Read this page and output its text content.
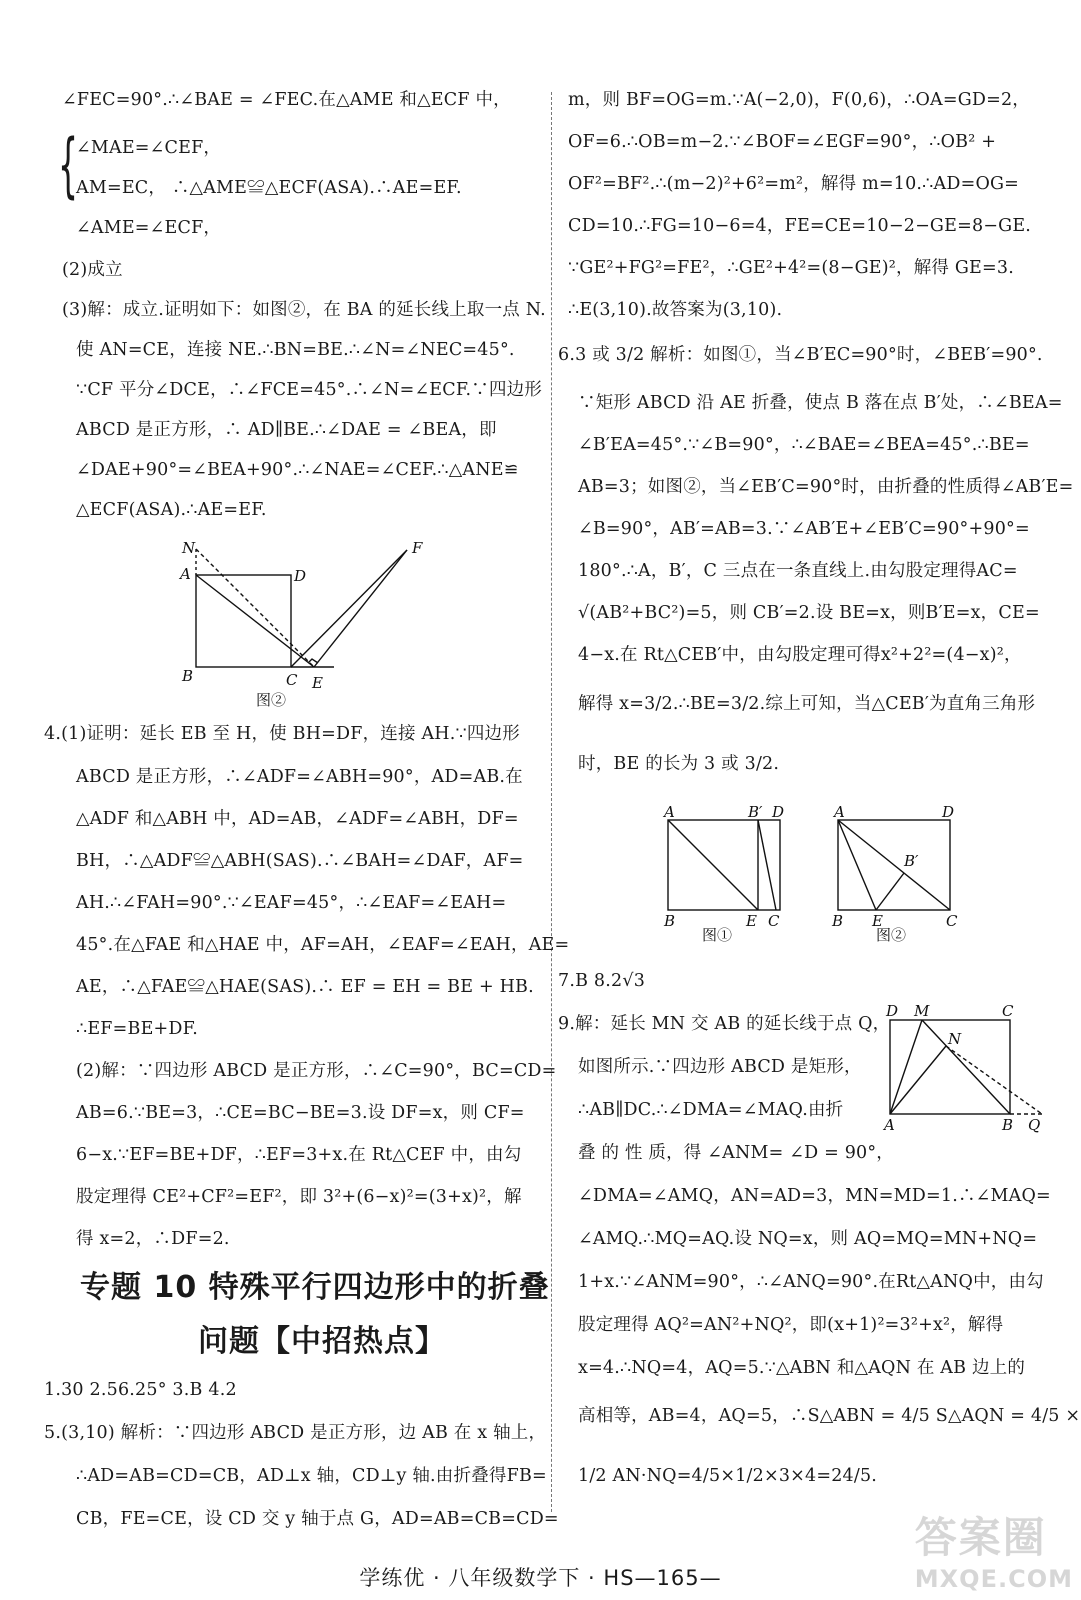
∠FEC=90°.∴∠BAE = ∠FEC.在△AME 和△ECF 中，
{
∠MAE=∠CEF，
AM=EC， ∴△AME≌△ECF(ASA).∴AE=EF.
∠AME=∠ECF，
(2)成立
(3)解：成立.证明如下：如图②，在 BA 的延长线上取一点 N.
使 AN=CE，连接 NE.∴BN=BE.∴∠N=∠NEC=45°.
∵CF 平分∠DCE，∴∠FCE=45°.∴∠N=∠ECF.∵四边形
ABCD 是正方形，∴ AD∥BE.∴∠DAE = ∠BEA，即
∠DAE+90°=∠BEA+90°.∴∠NAE=∠CEF.∴△ANE≌
△ECF(ASA).∴AE=EF.
N
A	D
F
B	C E
图②
4.(1)证明：延长 EB 至 H，使 BH=DF，连接 AH.∵四边形
ABCD 是正方形，∴∠ADF=∠ABH=90°，AD=AB.在
△ADF 和△ABH 中，AD=AB，∠ADF=∠ABH，DF=
BH，∴△ADF≌△ABH(SAS).∴∠BAH=∠DAF，AF=
AH.∴∠FAH=90°.∵∠EAF=45°，∴∠EAF=∠EAH=
45°.在△FAE 和△HAE 中，AF=AH，∠EAF=∠EAH，AE=
AE，∴△FAE≌△HAE(SAS).∴ EF = EH = BE + HB.
∴EF=BE+DF.
(2)解：∵四边形 ABCD 是正方形，∴∠C=90°，BC=CD=
AB=6.∵BE=3，∴CE=BC−BE=3.设 DF=x，则 CF=
6−x.∵EF=BE+DF，∴EF=3+x.在 Rt△CEF 中，由勾
股定理得 CE²+CF²=EF²，即 3²+(6−x)²=(3+x)²，解
得 x=2，∴DF=2.
专题 10 特殊平行四边形中的折叠
问题【中招热点】
1.30 2.56.25° 3.B 4.2
5.(3,10) 解析：∵四边形 ABCD 是正方形，边 AB 在 x 轴上，
∴AD=AB=CD=CB，AD⊥x 轴，CD⊥y 轴.由折叠得FB=
CB，FE=CE，设 CD 交 y 轴于点 G，AD=AB=CB=CD=
m，则 BF=OG=m.∵A(−2,0)，F(0,6)，∴OA=GD=2，
OF=6.∴OB=m−2.∵∠BOF=∠EGF=90°，∴OB² +
OF²=BF².∴(m−2)²+6²=m²，解得 m=10.∴AD=OG=
CD=10.∴FG=10−6=4，FE=CE=10−2−GE=8−GE.
∵GE²+FG²=FE²，∴GE²+4²=(8−GE)²，解得 GE=3.
∴E(3,10).故答案为(3,10).
6.3 或 3/2 解析：如图①，当∠B′EC=90°时，∠BEB′=90°.
∵矩形 ABCD 沿 AE 折叠，使点 B 落在点 B′处，∴∠BEA=
∠B′EA=45°.∵∠B=90°，∴∠BAE=∠BEA=45°.∴BE=
AB=3；如图②，当∠EB′C=90°时，由折叠的性质得∠AB′E=
∠B=90°，AB′=AB=3.∵∠AB′E+∠EB′C=90°+90°=
180°.∴A，B′，C 三点在一条直线上.由勾股定理得AC=
√(AB²+BC²)=5，则 CB′=2.设 BE=x，则B′E=x，CE=
4−x.在 Rt△CEB′中，由勾股定理可得x²+2²=(4−x)²，
解得 x=3/2.∴BE=3/2.综上可知，当△CEB′为直角三角形
时，BE 的长为 3 或 3/2.
A	B′ D
B	E C
图①
A	D
B′
B E	C
图②
7.B 8.2√3
9.解：延长 MN 交 AB 的延长线于点 Q，
如图所示.∵四边形 ABCD 是矩形，
∴AB∥DC.∴∠DMA=∠MAQ.由折
叠 的 性 质，得 ∠ANM= ∠D = 90°，
D M	C
N
A	B Q
∠DMA=∠AMQ，AN=AD=3，MN=MD=1.∴∠MAQ=
∠AMQ.∴MQ=AQ.设 NQ=x，则 AQ=MQ=MN+NQ=
1+x.∵∠ANM=90°，∴∠ANQ=90°.在Rt△ANQ中，由勾
股定理得 AQ²=AN²+NQ²，即(x+1)²=3²+x²，解得
x=4.∴NQ=4，AQ=5.∵△ABN 和△AQN 在 AB 边上的
高相等，AB=4，AQ=5，∴S△ABN = 4/5 S△AQN = 4/5 ×
1/2 AN·NQ=4/5×1/2×3×4=24/5.
学练优 · 八年级数学下 · HS—165—
答案圈
MXQE.COM
